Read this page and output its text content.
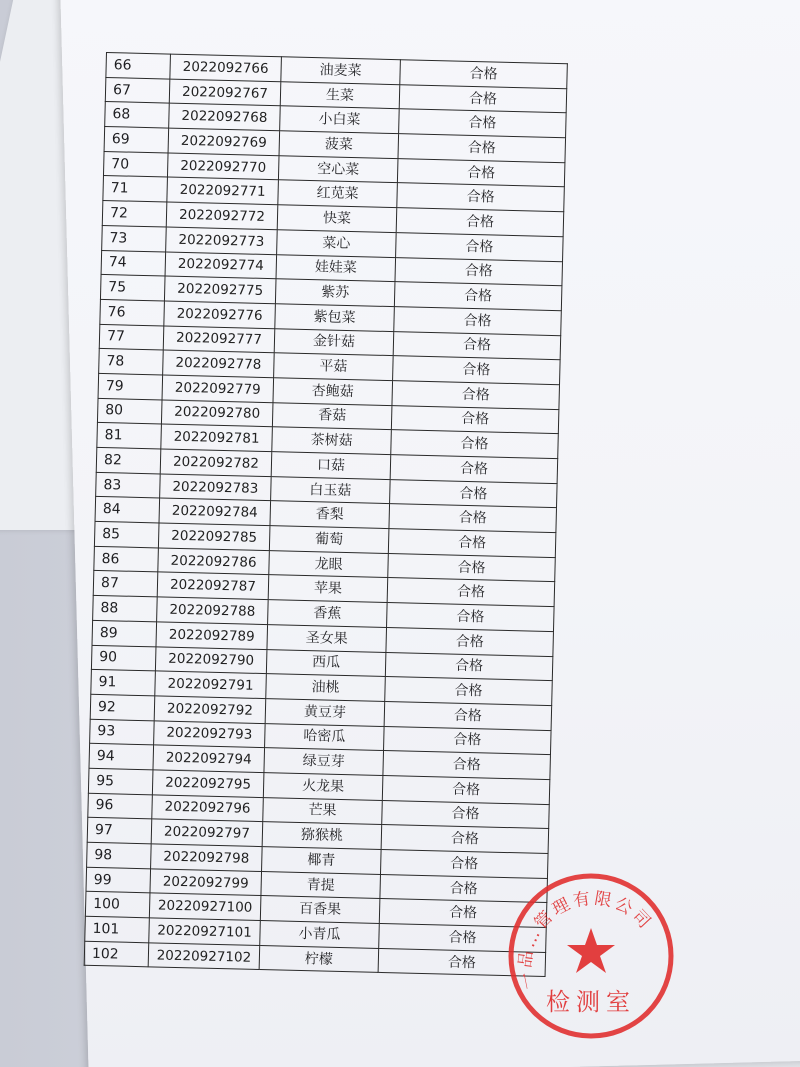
66	2022092766	油麦菜	合格
67	2022092767	生菜	合格
68	2022092768	小白菜	合格
69	2022092769	菠菜	合格
70	2022092770	空心菜	合格
71	2022092771	红苋菜	合格
72	2022092772	快菜	合格
73	2022092773	菜心	合格
74	2022092774	娃娃菜	合格
75	2022092775	紫苏	合格
76	2022092776	紫包菜	合格
77	2022092777	金针菇	合格
78	2022092778	平菇	合格
79	2022092779	杏鲍菇	合格
80	2022092780	香菇	合格
81	2022092781	茶树菇	合格
82	2022092782	口菇	合格
83	2022092783	白玉菇	合格
84	2022092784	香梨	合格
85	2022092785	葡萄	合格
86	2022092786	龙眼	合格
87	2022092787	苹果	合格
88	2022092788	香蕉	合格
89	2022092789	圣女果	合格
90	2022092790	西瓜	合格
91	2022092791	油桃	合格
92	2022092792	黄豆芽	合格
93	2022092793	哈密瓜	合格
94	2022092794	绿豆芽	合格
95	2022092795	火龙果	合格
96	2022092796	芒果	合格
97	2022092797	猕猴桃	合格
98	2022092798	椰青	合格
99	2022092799	青提	合格
100	20220927100	百香果	合格
101	20220927101	小青瓜	合格
102	20220927102	柠檬	合格
一品…管理有限公司
检测室
